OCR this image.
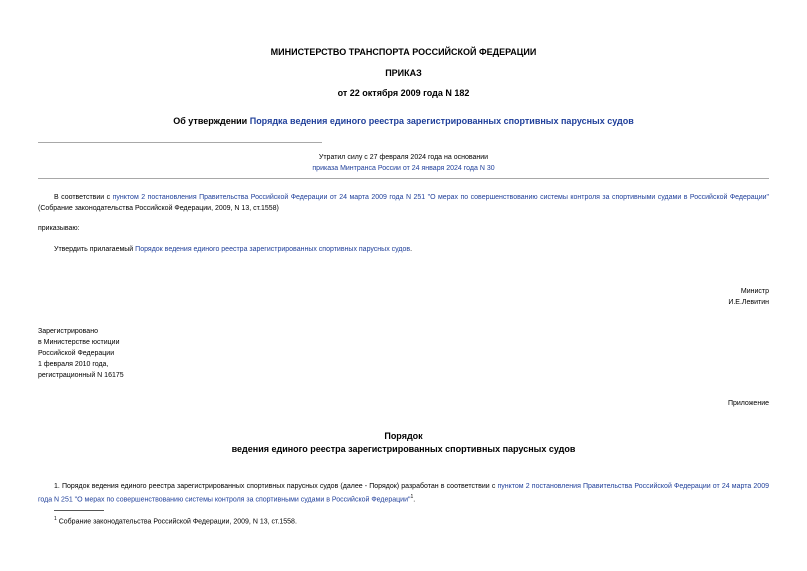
МИНИСТЕРСТВО ТРАНСПОРТА РОССИЙСКОЙ ФЕДЕРАЦИИ
ПРИКАЗ
от 22 октября 2009 года N 182
Об утверждении Порядка ведения единого реестра зарегистрированных спортивных парусных судов
Утратил силу с 27 февраля 2024 года на основании
приказа Минтранса России от 24 января 2024 года N 30
В соответствии с пунктом 2 постановления Правительства Российской Федерации от 24 марта 2009 года N 251 "О мерах по совершенствованию системы контроля за спортивными судами в Российской Федерации" (Собрание законодательства Российской Федерации, 2009, N 13, ст.1558)
приказываю:
Утвердить прилагаемый Порядок ведения единого реестра зарегистрированных спортивных парусных судов.
Министр
И.Е.Левитин
Зарегистрировано
в Министерстве юстиции
Российской Федерации
1 февраля 2010 года,
регистрационный N 16175
Приложение
Порядок
ведения единого реестра зарегистрированных спортивных парусных судов
1. Порядок ведения единого реестра зарегистрированных спортивных парусных судов (далее - Порядок) разработан в соответствии с пунктом 2 постановления Правительства Российской Федерации от 24 марта 2009 года N 251 "О мерах по совершенствованию системы контроля за спортивными судами в Российской Федерации"$^1$.
$^1$ Собрание законодательства Российской Федерации, 2009, N 13, ст.1558.
